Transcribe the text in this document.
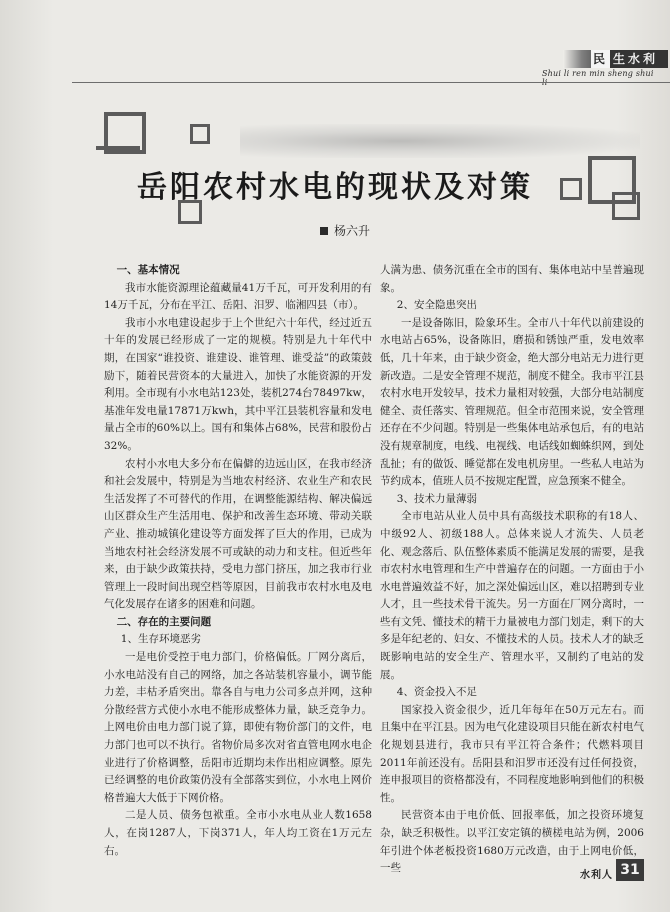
民 生水利
Shui li ren min sheng shui
岳阳农村水电的现状及对策
杨六升
一、基本情况

我市水能资源理论蕴藏量41万千瓦，可开发利用的有14万千瓦，分布在平江、岳阳、汨罗、临湘四县（市）。

我市小水电建设起步于上个世纪六十年代，经过近五十年的发展已经形成了一定的规模。特别是九十年代中期，在国家“谁投资、谁建设、谁管理、谁受益”的政策鼓励下，随着民营资本的大量进入，加快了水能资源的开发利用。全市现有小水电站123处，装机274台78497kw，基准年发电量17871万kwh，其中平江县装机容量和发电量占全市的60%以上。国有和集体占68%，民营和股份占32%。

农村小水电大多分布在偏僻的边远山区，在我市经济和社会发展中，特别是为当地农村经济、农业生产和农民生活发挥了不可替代的作用，在调整能源结构、解决偏远山区群众生产生活用电、保护和改善生态环境、带动关联产业、推动城镇化建设等方面发挥了巨大的作用，已成为当地农村社会经济发展不可或缺的动力和支柱。但近些年来，由于缺少政策扶持，受电力部门挤压，加之我市行业管理上一段时间出现空档等原因，目前我市农村水电及电气化发展存在诸多的困难和问题。

二、存在的主要问题
1、生存环境恶劣

一是电价受控于电力部门，价格偏低。厂网分离后，小水电站没有自己的网络，加之各站装机容量小，调节能力差，丰枯矛盾突出。靠各自与电力公司多点并网，这种分散经营方式使小水电不能形成整体力量，缺乏竞争力。上网电价由电力部门说了算，即使有物价部门的文件，电力部门也可以不执行。省物价局多次对省直管电网水电企业进行了价格调整，岳阳市近期均未作出相应调整。原先已经调整的电价政策仍没有全部落实到位，小水电上网价格普遍大大低于下网价格。

二是人员、债务包袱重。全市小水电从业人数1658人，在岗1287人，下岗371人，年人均工资在1万元左右。

人满为患、债务沉重在全市的国有、集体电站中呈普遍现象。

2、安全隐患突出

一是设备陈旧，险象环生。全市八十年代以前建设的水电站占65%，设备陈旧，磨损和锈蚀严重，发电效率低，几十年来，由于缺少资金，绝大部分电站无力进行更新改造。二是安全管理不规范，制度不健全。我市平江县农村水电开发较早，技术力量相对较强，大部分电站制度健全、责任落实、管理规范。但全市范围来说，安全管理还存在不少问题。特别是一些集体电站承包后，有的电站没有规章制度，电线、电视线、电话线如蜘蛛织网，到处乱扯；有的做饭、睡觉都在发电机房里。一些私人电站为节约成本，值班人员不按规定配置，应急预案不健全。

3、技术力量薄弱

全市电站从业人员中具有高级技术职称的有18人、中级92人、初级188人。总体来说人才流失、人员老化、观念落后、队伍整体素质不能满足发展的需要，是我市农村水电管理和生产中普遍存在的问题。一方面由于小水电普遍效益不好，加之深处偏远山区，难以招聘到专业人才，且一些技术骨干流失。另一方面在厂网分离时，一些有文凭、懂技术的精干力量被电力部门划走，剩下的大多是年纪老的、妇女、不懂技术的人员。技术人才的缺乏既影响电站的安全生产、管理水平，又制约了电站的发展。

4、资金投入不足

国家投入资金很少，近几年每年在50万元左右。而且集中在平江县。因为电气化建设项目只能在新农村电气化规划县进行，我市只有平江符合条件；代燃料项目2011年前还没有。岳阳县和汨罗市还没有过任何投资，连申报项目的资格都没有，不同程度地影响到他们的积极性。

民营资本由于电价低、回报率低，加之投资环境复杂，缺乏积极性。以平江安定镇的横槎电站为例，2006年引进个体老板投资1680万元改造，由于上网电价低，一些

水利人 31
